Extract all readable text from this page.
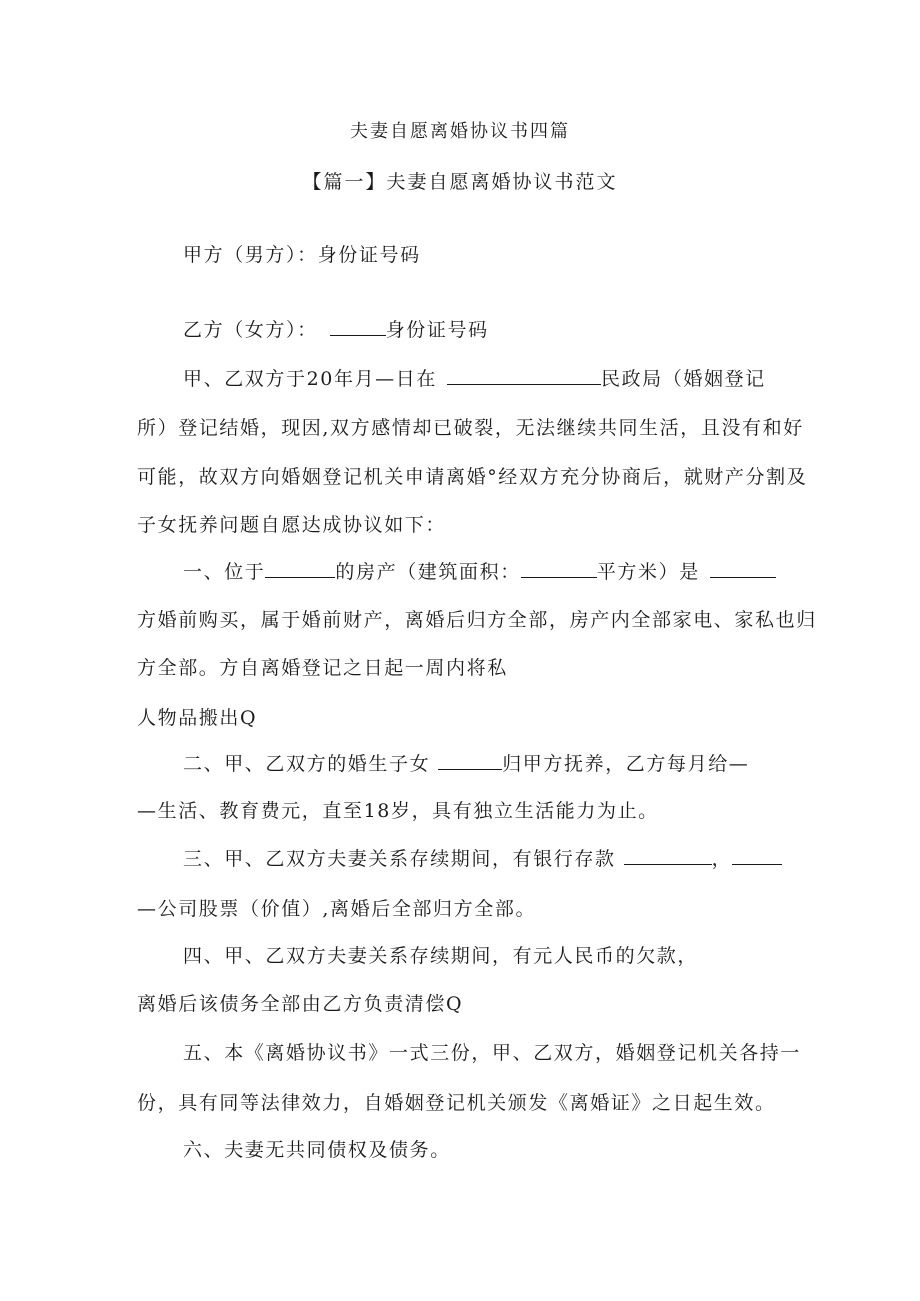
夫妻自愿离婚协议书四篇
【篇一】夫妻自愿离婚协议书范文
甲方（男方）：身份证号码
乙方（女方）：	身份证号码
甲、乙双方于20年月—日在	民政局（婚姻登记
所）登记结婚，现因,双方感情却已破裂，无法继续共同生活，且没有和好
可能，故双方向婚姻登记机关申请离婚°经双方充分协商后，就财产分割及
子女抚养问题自愿达成协议如下：
一、位于	的房产（建筑面积：	平方米）是
方婚前购买，属于婚前财产，离婚后归方全部，房产内全部家电、家私也归
方全部。方自离婚登记之日起一周内将私
人物品搬出Q
二、甲、乙双方的婚生子女	归甲方抚养，乙方每月给—
—生活、教育费元，直至18岁，具有独立生活能力为止。
三、甲、乙双方夫妻关系存续期间，有银行存款	，
—公司股票（价值）,离婚后全部归方全部。
四、甲、乙双方夫妻关系存续期间，有元人民币的欠款，
离婚后该债务全部由乙方负责清偿Q
五、本《离婚协议书》一式三份，甲、乙双方，婚姻登记机关各持一
份，具有同等法律效力，自婚姻登记机关颁发《离婚证》之日起生效。
六、夫妻无共同债权及债务。
